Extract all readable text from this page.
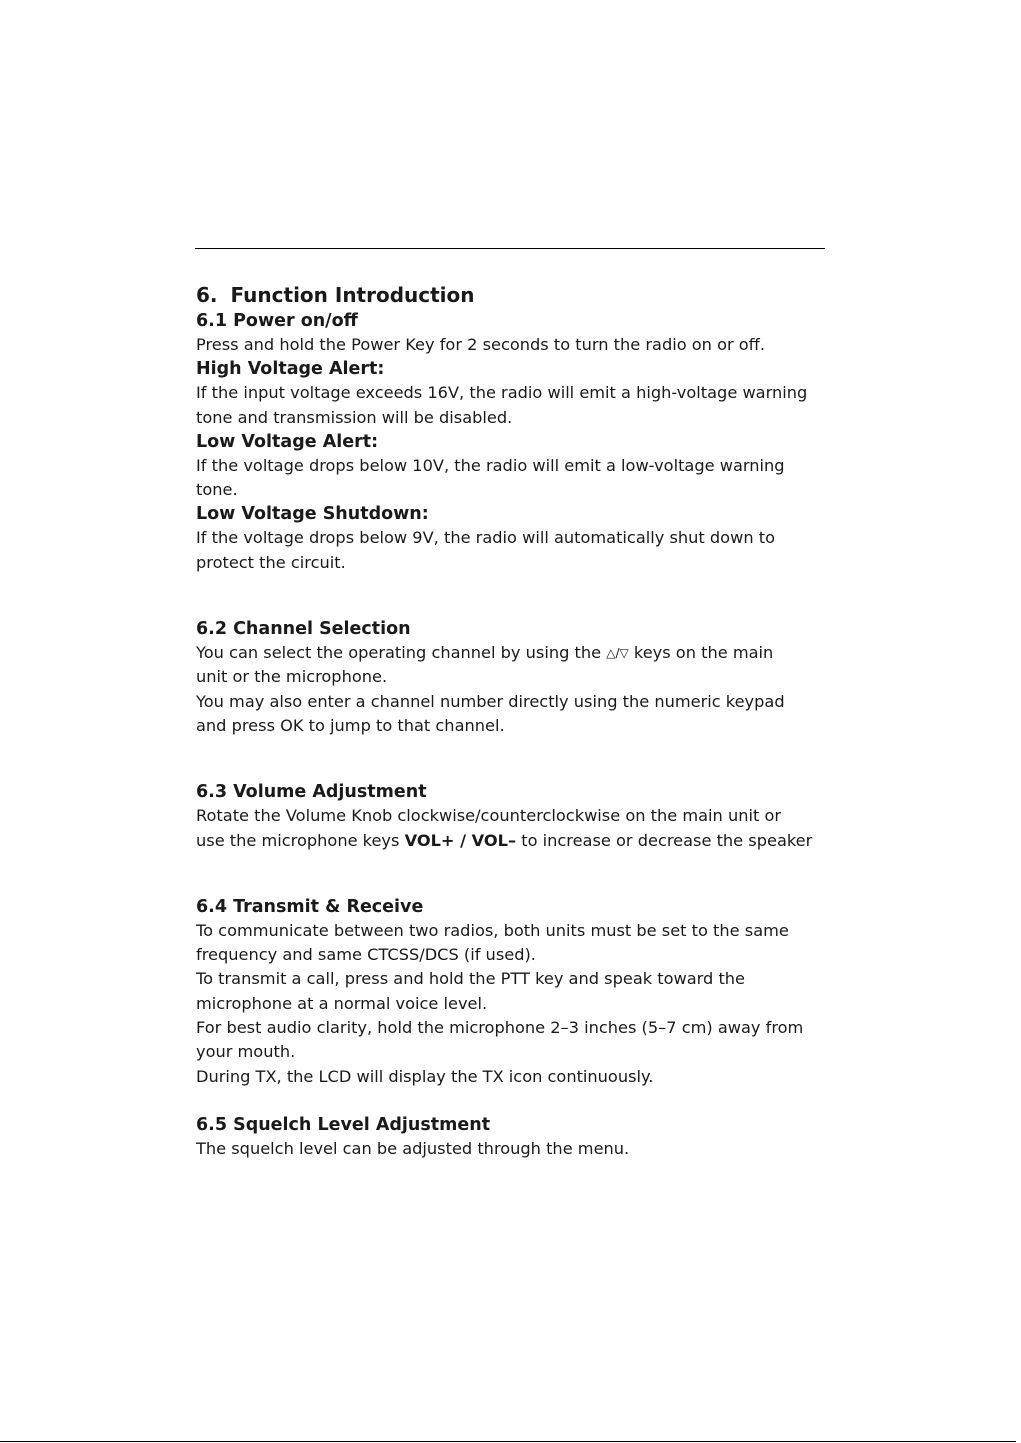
6. Function Introduction

6.1 Power on/off

Press and hold the Power Key for 2 seconds to turn the radio on or off.

High Voltage Alert:

If the input voltage exceeds 16V, the radio will emit a high-voltage warning

tone and transmission will be disabled.

Low Voltage Alert:

If the voltage drops below 10V, the radio will emit a low-voltage warning

tone.

Low Voltage Shutdown:

If the voltage drops below 9V, the radio will automatically shut down to

protect the circuit.

6.2 Channel Selection

You can select the operating channel by using the △/▽ keys on the main

unit or the microphone.

You may also enter a channel number directly using the numeric keypad

and press OK to jump to that channel.

6.3 Volume Adjustment

Rotate the Volume Knob clockwise/counterclockwise on the main unit or

use the microphone keys VOL+ / VOL– to increase or decrease the speaker

6.4 Transmit & Receive

To communicate between two radios, both units must be set to the same

frequency and same CTCSS/DCS (if used).

To transmit a call, press and hold the PTT key and speak toward the

microphone at a normal voice level.

For best audio clarity, hold the microphone 2–3 inches (5–7 cm) away from

your mouth.

During TX, the LCD will display the TX icon continuously.

6.5 Squelch Level Adjustment

The squelch level can be adjusted through the menu.
